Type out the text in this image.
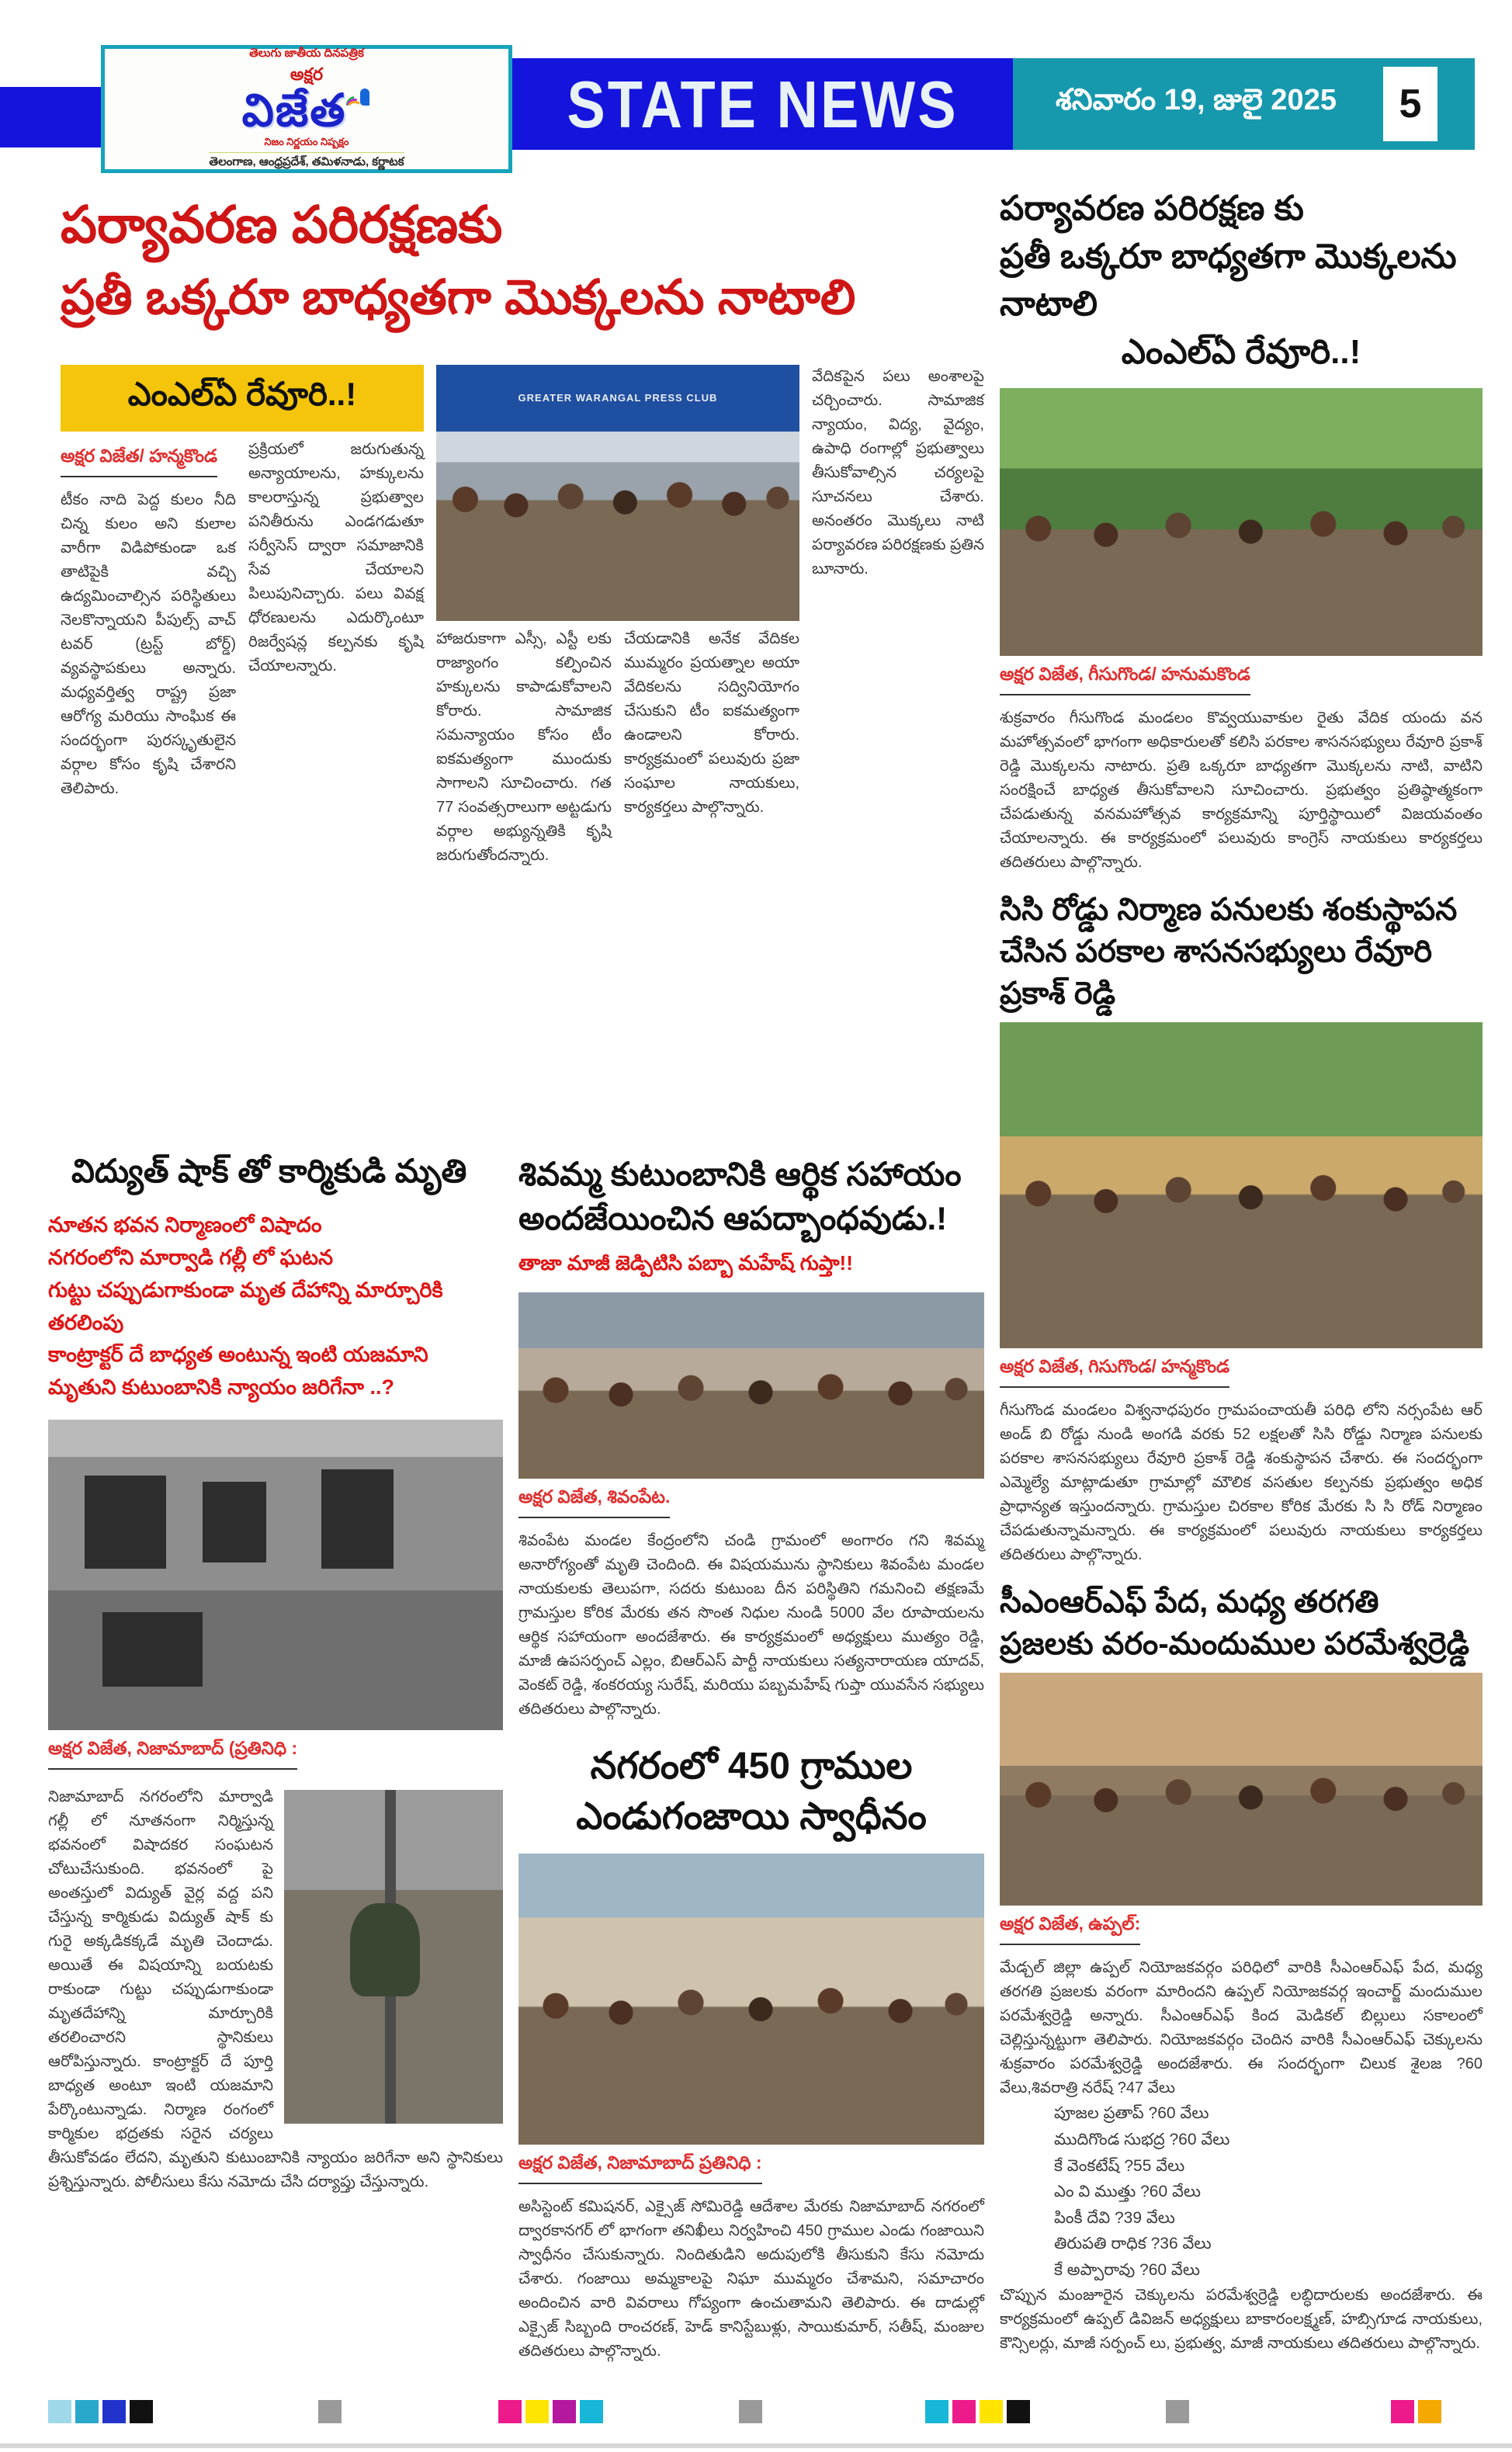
తెలుగు జాతీయ దినపత్రిక
అక్షర
విజేత
నిజం నిర్ణయం నిష్పక్షం
తెలంగాణ, ఆంధ్రప్రదేశ్, తమిళనాడు, కర్ణాటక
STATE NEWS	శనివారం 19, జులై 2025 5
పర్యావరణ పరిరక్షణకు
ప్రతీ ఒక్కరూ బాధ్యతగా మొక్కలను నాటాలి
ఎంఎల్ఏ రేవూరి..!
అక్షర విజేత/ హన్మకొండ

టీకం నాది పెద్ద కులం నీది చిన్న కులం అని కులాల వారీగా విడిపోకుండా ఒక తాటిపైకి వచ్చి ఉద్యమించాల్సిన పరిస్థితులు నెలకొన్నాయని పీపుల్స్ వాచ్ టవర్ (ట్రస్ట్ బోర్డ్) వ్యవస్థాపకులు అన్నారు. మధ్యవర్తిత్వ రాష్ట్ర ప్రజా ఆరోగ్య మరియు సాంఘిక ఈ సందర్భంగా పురస్కృతులైన వర్గాల కోసం కృషి చేశారని తెలిపారు.

ప్రక్రియలో జరుగుతున్న అన్యాయాలను, హక్కులను కాలరాస్తున్న ప్రభుత్వాల పనితీరును ఎండగడుతూ సర్వీసెస్ ద్వారా సమాజానికి సేవ చేయాలని పిలుపునిచ్చారు. పలు వివక్ష ధోరణులను ఎదుర్కొంటూ రిజర్వేషన్ల కల్పనకు కృషి చేయాలన్నారు.

GREATER WARANGAL PRESS CLUB

హాజరుకాగా ఎస్సీ, ఎస్టీ లకు రాజ్యాంగం కల్పించిన హక్కులను కాపాడుకోవాలని కోరారు. సామాజిక సమన్యాయం కోసం టీం ఐకమత్యంగా ముందుకు సాగాలని సూచించారు. గత 77 సంవత్సరాలుగా అట్టడుగు వర్గాల అభ్యున్నతికి కృషి జరుగుతోందన్నారు.

చేయడానికి అనేక వేదికల ముమ్మరం ప్రయత్నాల అయా వేదికలను సద్వినియోగం చేసుకుని టీం ఐకమత్యంగా ఉండాలని కోరారు. కార్యక్రమంలో పలువురు ప్రజా సంఘాల నాయకులు, కార్యకర్తలు పాల్గొన్నారు.

వేదికపైన పలు అంశాలపై చర్చించారు. సామాజిక న్యాయం, విద్య, వైద్యం, ఉపాధి రంగాల్లో ప్రభుత్వాలు తీసుకోవాల్సిన చర్యలపై సూచనలు చేశారు. అనంతరం మొక్కలు నాటి పర్యావరణ పరిరక్షణకు ప్రతిన బూనారు.

పర్యావరణ పరిరక్షణ కు
ప్రతీ ఒక్కరూ బాధ్యతగా మొక్కలను నాటాలి
ఎంఎల్ఏ రేవూరి..!
అక్షర విజేత, గీసుగొండ/ హనుమకొండ

శుక్రవారం గీసుగొండ మండలం కొవ్వయువాకుల రైతు వేదిక యందు వన మహోత్సవంలో భాగంగా అధికారులతో కలిసి పరకాల శాసనసభ్యులు రేవూరి ప్రకాశ్ రెడ్డి మొక్కలను నాటారు. ప్రతి ఒక్కరూ బాధ్యతగా మొక్కలను నాటి, వాటిని సంరక్షించే బాధ్యత తీసుకోవాలని సూచించారు. ప్రభుత్వం ప్రతిష్ఠాత్మకంగా చేపడుతున్న వనమహోత్సవ కార్యక్రమాన్ని పూర్తిస్థాయిలో విజయవంతం చేయాలన్నారు. ఈ కార్యక్రమంలో పలువురు కాంగ్రెస్ నాయకులు కార్యకర్తలు తదితరులు పాల్గొన్నారు.

సిసి రోడ్డు నిర్మాణ పనులకు శంకుస్థాపన
చేసిన పరకాల శాసనసభ్యులు రేవూరి ప్రకాశ్ రెడ్డి
అక్షర విజేత, గిసుగొండ/ హన్మకొండ

గీసుగొండ మండలం విశ్వనాధపురం గ్రామపంచాయతీ పరిధి లోని నర్సంపేట ఆర్ అండ్ బి రోడ్డు నుండి అంగడి వరకు 52 లక్షలతో సిసి రోడ్డు నిర్మాణ పనులకు పరకాల శాసనసభ్యులు రేవూరి ప్రకాశ్ రెడ్డి శంకుస్థాపన చేశారు. ఈ సందర్భంగా ఎమ్మెల్యే మాట్లాడుతూ గ్రామాల్లో మౌలిక వసతుల కల్పనకు ప్రభుత్వం అధిక ప్రాధాన్యత ఇస్తుందన్నారు. గ్రామస్తుల చిరకాల కోరిక మేరకు సి సి రోడ్ నిర్మాణం చేపడుతున్నామన్నారు. ఈ కార్యక్రమంలో పలువురు నాయకులు కార్యకర్తలు తదితరులు పాల్గొన్నారు.

సీఎంఆర్ఎఫ్ పేద, మధ్య తరగతి
ప్రజలకు వరం-మందుముల పరమేశ్వర్రెడ్డి
అక్షర విజేత, ఉప్పల్:

మేడ్చల్ జిల్లా ఉప్పల్ నియోజకవర్గం పరిధిలో వారికి సీఎంఆర్ఎఫ్ పేద, మధ్య తరగతి ప్రజలకు వరంగా మారిందని ఉప్పల్ నియోజకవర్గ ఇంచార్జ్ మందుముల పరమేశ్వర్రెడ్డి అన్నారు. సీఎంఆర్ఎఫ్ కింద మెడికల్ బిల్లులు సకాలంలో చెల్లిస్తున్నట్టుగా తెలిపారు. నియోజకవర్గం చెందిన వారికి సీఎంఆర్ఎఫ్ చెక్కులను శుక్రవారం పరమేశ్వర్రెడ్డి అందజేశారు. ఈ సందర్భంగా చిలుక శైలజ ?60 వేలు,శివరాత్రి నరేష్ ?47 వేలు

పూజల ప్రతాప్ ?60 వేలు
ముదిగొండ సుభద్ర ?60 వేలు
కే వెంకటేష్ ?55 వేలు
ఎం వి ముత్తు ?60 వేలు
పింకీ దేవి ?39 వేలు
తిరుపతి రాధిక ?36 వేలు
కే అప్పారావు ?60 వేలు

చొప్పున మంజూరైన చెక్కులను పరమేశ్వర్రెడ్డి లబ్ధిదారులకు అందజేశారు. ఈ కార్యక్రమంలో ఉప్పల్ డివిజన్ అధ్యక్షులు బాకారంలక్ష్మణ్, హబ్సిగూడ నాయకులు, కౌన్సిలర్లు, మాజీ సర్పంచ్ లు, ప్రభుత్వ, మాజీ నాయకులు తదితరులు పాల్గొన్నారు.

విద్యుత్ షాక్ తో కార్మికుడి మృతి
నూతన భవన నిర్మాణంలో విషాదం
నగరంలోని మార్వాడి గల్లీ లో ఘటన
గుట్టు చప్పుడుగాకుండా మృత దేహాన్ని మార్చూరికి తరలింపు
కాంట్రాక్టర్ దే బాధ్యత అంటున్న ఇంటి యజమాని
మృతుని కుటుంబానికి న్యాయం జరిగేనా ..?
అక్షర విజేత, నిజామాబాద్ (ప్రతినిధి :

నిజామాబాద్ నగరంలోని మార్వాడి గల్లీ లో నూతనంగా నిర్మిస్తున్న భవనంలో విషాదకర సంఘటన చోటుచేసుకుంది. భవనంలో పై అంతస్తులో విద్యుత్ వైర్ల వద్ద పని చేస్తున్న కార్మికుడు విద్యుత్ షాక్ కు గురై అక్కడికక్కడే మృతి చెందాడు. అయితే ఈ విషయాన్ని బయటకు రాకుండా గుట్టు చప్పుడుగాకుండా మృతదేహాన్ని మార్చూరికి తరలించారని స్థానికులు ఆరోపిస్తున్నారు. కాంట్రాక్టర్ దే పూర్తి బాధ్యత అంటూ ఇంటి యజమాని పేర్కొంటున్నాడు. నిర్మాణ రంగంలో కార్మికుల భద్రతకు సరైన చర్యలు తీసుకోవడం లేదని, మృతుని కుటుంబానికి న్యాయం జరిగేనా అని స్థానికులు ప్రశ్నిస్తున్నారు. పోలీసులు కేసు నమోదు చేసి దర్యాప్తు చేస్తున్నారు.

శివమ్మ కుటుంబానికి ఆర్థిక సహాయం
అందజేయించిన ఆపద్బాంధవుడు.!
తాజా మాజీ జెడ్పిటిసి పబ్బా మహేష్ గుప్తా!!
అక్షర విజేత, శివంపేట.

శివంపేట మండల కేంద్రంలోని చండి గ్రామంలో అంగారం గని శివమ్మ అనారోగ్యంతో మృతి చెందింది. ఈ విషయమును స్థానికులు శివంపేట మండల నాయకులకు తెలుపగా, సదరు కుటుంబ దీన పరిస్థితిని గమనించి తక్షణమే గ్రామస్తుల కోరిక మేరకు తన సొంత నిధుల నుండి 5000 వేల రూపాయలను ఆర్థిక సహాయంగా అందజేశారు. ఈ కార్యక్రమంలో అధ్యక్షులు ముత్యం రెడ్డి, మాజీ ఉపసర్పంచ్ ఎల్లం, బిఆర్ఎస్ పార్టీ నాయకులు సత్యనారాయణ యాదవ్, వెంకట్ రెడ్డి, శంకరయ్య సురేష్, మరియు పబ్బమహేష్ గుప్తా యువసేన సభ్యులు తదితరులు పాల్గొన్నారు.

నగరంలో 450 గ్రాముల
ఎండుగంజాయి స్వాధీనం
అక్షర విజేత, నిజామాబాద్ ప్రతినిధి :

అసిస్టెంట్ కమిషనర్, ఎక్సైజ్ సోమిరెడ్డి ఆదేశాల మేరకు నిజామాబాద్ నగరంలో ద్వారకానగర్ లో భాగంగా తనిఖీలు నిర్వహించి 450 గ్రాముల ఎండు గంజాయిని స్వాధీనం చేసుకున్నారు. నిందితుడిని అదుపులోకి తీసుకుని కేసు నమోదు చేశారు. గంజాయి అమ్మకాలపై నిఘా ముమ్మరం చేశామని, సమాచారం అందించిన వారి వివరాలు గోప్యంగా ఉంచుతామని తెలిపారు. ఈ దాడుల్లో ఎక్సైజ్ సిబ్బంది రాంచరణ్, హెడ్ కానిస్టేబుళ్లు, సాయికుమార్, సతీష్, మంజుల తదితరులు పాల్గొన్నారు.
